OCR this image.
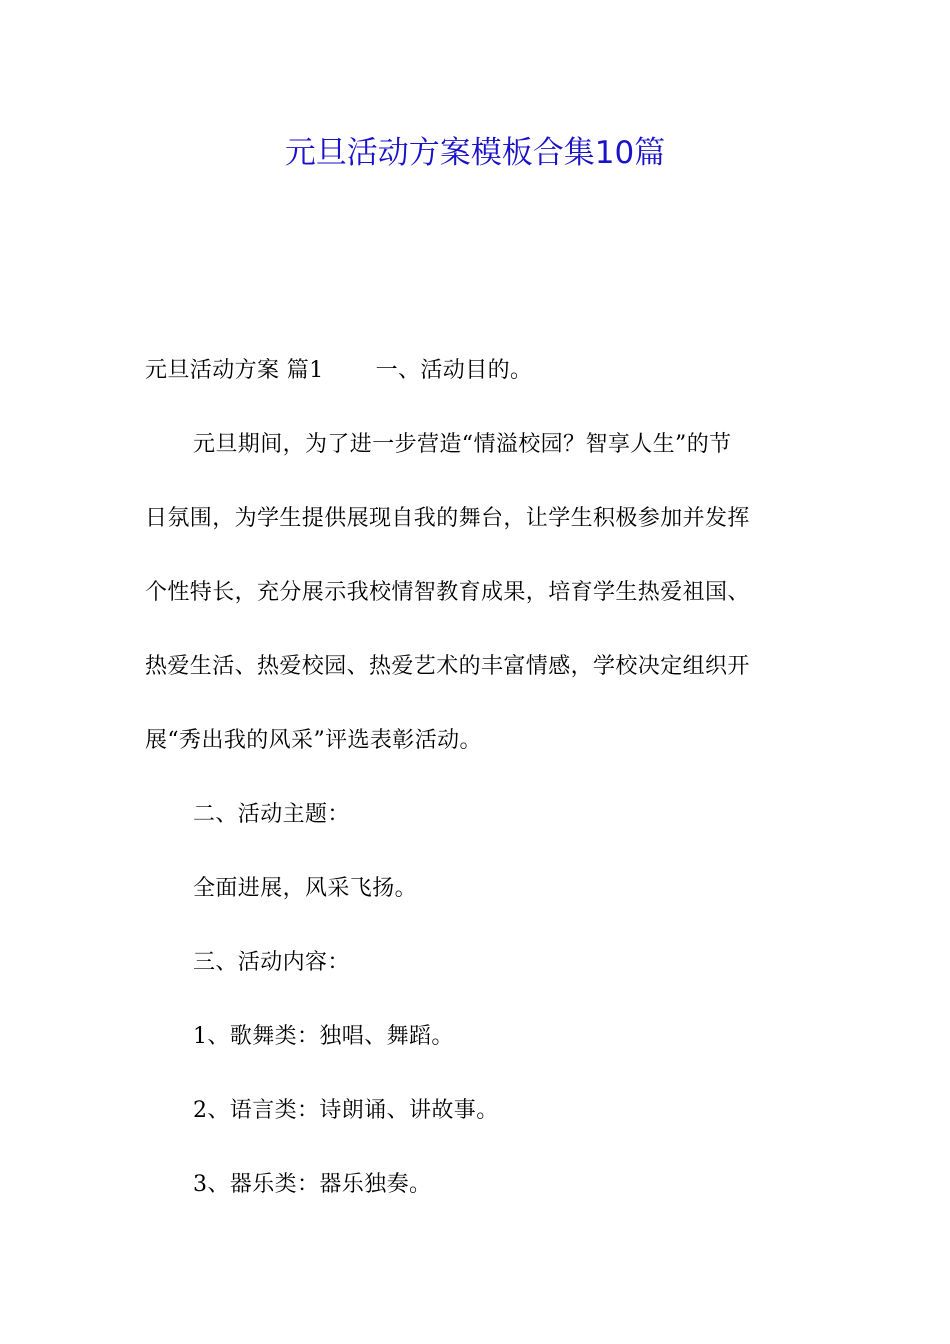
元旦活动方案模板合集10篇
元旦活动方案 篇1 一、活动目的。
元旦期间，为了进一步营造“情溢校园？智享人生”的节
日氛围，为学生提供展现自我的舞台，让学生积极参加并发挥
个性特长，充分展示我校情智教育成果，培育学生热爱祖国、
热爱生活、热爱校园、热爱艺术的丰富情感，学校决定组织开
展“秀出我的风采”评选表彰活动。
二、活动主题：
全面进展，风采飞扬。
三、活动内容：
1、歌舞类：独唱、舞蹈。
2、语言类：诗朗诵、讲故事。
3、器乐类：器乐独奏。
